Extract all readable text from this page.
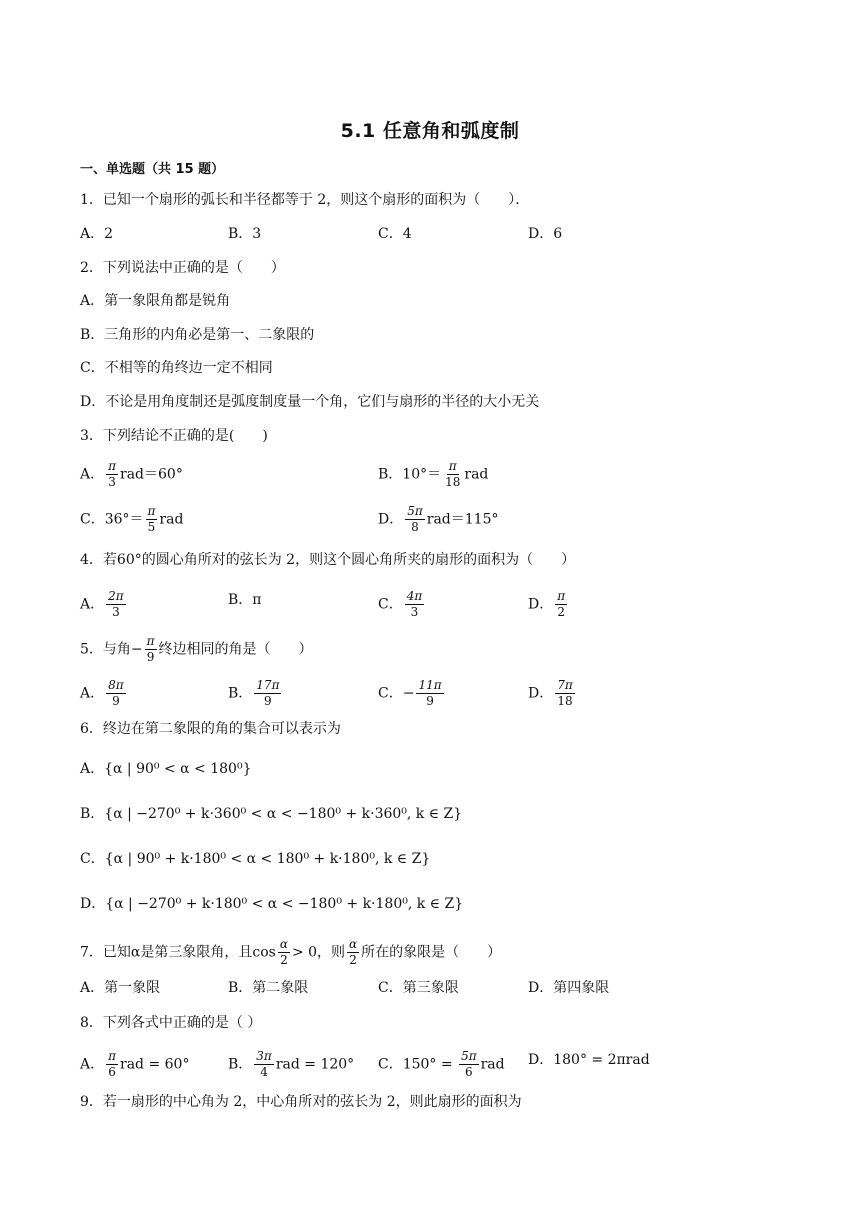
5.1 任意角和弧度制
一、单选题（共 15 题）
1．已知一个扇形的弧长和半径都等于 2，则这个扇形的面积为（　　）．
A．2	B．3	C．4	D．6
2．下列说法中正确的是（　　）
A．第一象限角都是锐角
B．三角形的内角必是第一、二象限的
C．不相等的角终边一定不相同
D．不论是用角度制还是弧度制度量一个角，它们与扇形的半径的大小无关
3．下列结论不正确的是(　　)
A． $\frac{\pi}{3} rad=60^\circ$	B．$10^\circ= \frac{\pi}{18}$ rad
C．$36^\circ= \frac{\pi}{5}$ rad	D． $\frac{5\pi}{8} rad=115^\circ$
4．若60°的圆心角所对的弦长为 2，则这个圆心角所夹的扇形的面积为（　　）
A． $\frac{2\pi}{3}$	B．π	C． $\frac{4\pi}{3}$	D． $\frac{\pi}{2}$
5．与角− $\frac{\pi}{9}$ 终边相同的角是（　　）
A． $\frac{8\pi}{9}$	B． $\frac{17\pi}{9}$	C．− $\frac{11\pi}{9}$	D． $\frac{7\pi}{18}$
6．终边在第二象限的角的集合可以表示为
A．{α | 90⁰ < α < 180⁰}
B．{α | −270⁰ + k·360⁰ < α < −180⁰ + k·360⁰, k ∈ Z}
C．{α | 90⁰ + k·180⁰ < α < 180⁰ + k·180⁰, k ∈ Z}
D．{α | −270⁰ + k·180⁰ < α < −180⁰ + k·180⁰, k ∈ Z}
7．已知α是第三象限角，且$\cos \frac{\alpha}{2} > 0$，则 $\frac{\alpha}{2}$ 所在的象限是（　　）
A．第一象限	B．第二象限	C．第三象限	D．第四象限
8．下列各式中正确的是（ ）
A． $\frac{\pi}{6}$ rad = 60°	B． $\frac{3\pi}{4}$ rad = 120° C．$150^\circ = \frac{5\pi}{6}$ rad D．180° = 2πrad
9．若一扇形的中心角为 2，中心角所对的弦长为 2，则此扇形的面积为
